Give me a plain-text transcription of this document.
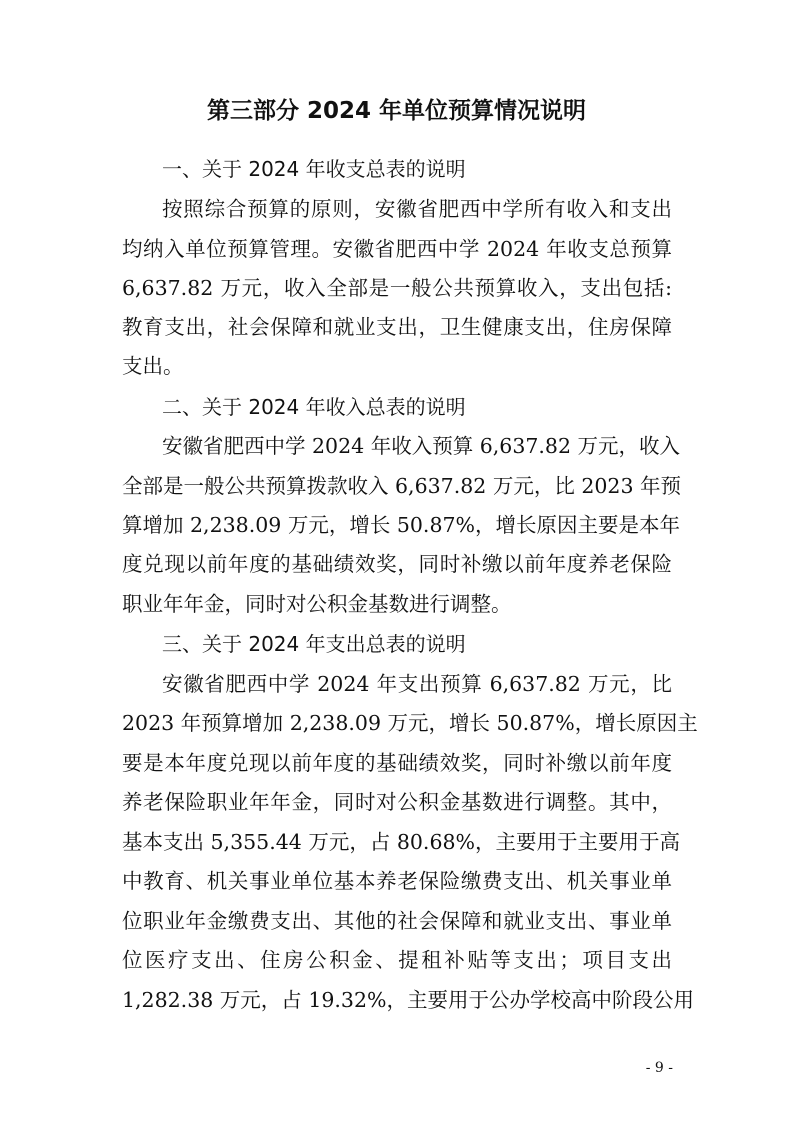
第三部分 2024 年单位预算情况说明
一、关于 2024 年收支总表的说明
按照综合预算的原则，安徽省肥西中学所有收入和支出
均纳入单位预算管理。安徽省肥西中学 2024 年收支总预算
6,637.82 万元，收入全部是一般公共预算收入，支出包括:
教育支出，社会保障和就业支出，卫生健康支出，住房保障
支出。
二、关于 2024 年收入总表的说明
安徽省肥西中学 2024 年收入预算 6,637.82 万元，收入
全部是一般公共预算拨款收入 6,637.82 万元，比 2023 年预
算增加 2,238.09 万元，增长 50.87%，增长原因主要是本年
度兑现以前年度的基础绩效奖，同时补缴以前年度养老保险
职业年年金，同时对公积金基数进行调整。
三、关于 2024 年支出总表的说明
安徽省肥西中学 2024 年支出预算 6,637.82 万元，比
2023 年预算增加 2,238.09 万元，增长 50.87%，增长原因主
要是本年度兑现以前年度的基础绩效奖，同时补缴以前年度
养老保险职业年年金，同时对公积金基数进行调整。其中，
基本支出 5,355.44 万元，占 80.68%，主要用于主要用于高
中教育、机关事业单位基本养老保险缴费支出、机关事业单
位职业年金缴费支出、其他的社会保障和就业支出、事业单
位医疗支出、住房公积金、提租补贴等支出；项目支出
1,282.38 万元，占 19.32%，主要用于公办学校高中阶段公用
- 9 -
